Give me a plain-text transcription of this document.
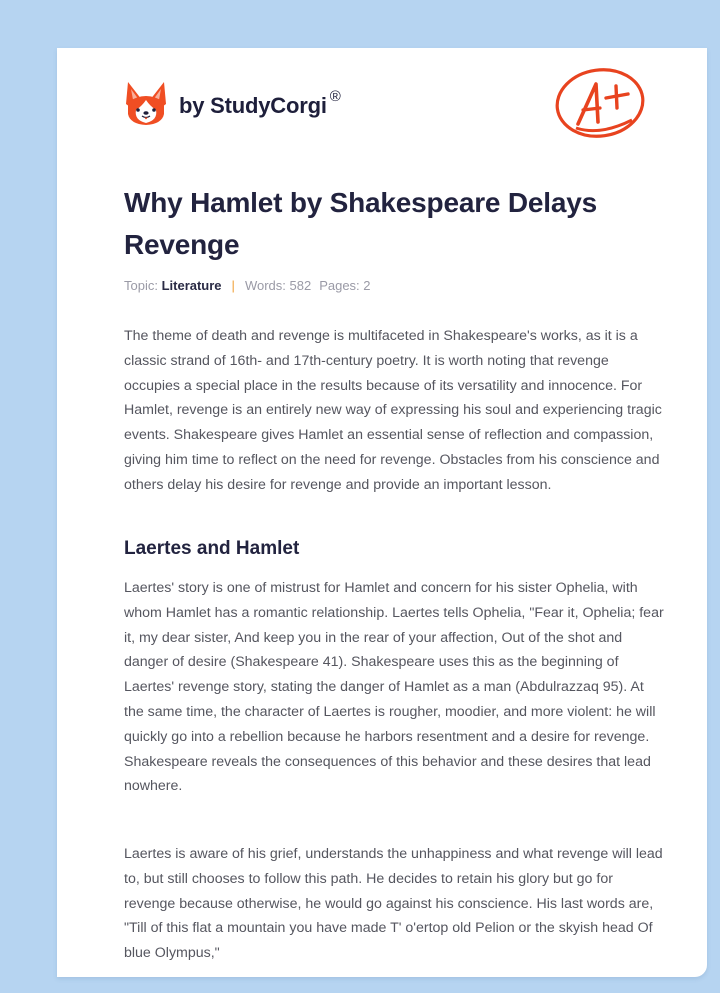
by StudyCorgi ®
Why Hamlet by Shakespeare Delays Revenge
Topic: Literature | Words: 582 Pages: 2

The theme of death and revenge is multifaceted in Shakespeare's works, as it is a classic strand of 16th- and 17th-century poetry. It is worth noting that revenge occupies a special place in the results because of its versatility and innocence. For Hamlet, revenge is an entirely new way of expressing his soul and experiencing tragic events. Shakespeare gives Hamlet an essential sense of reflection and compassion, giving him time to reflect on the need for revenge. Obstacles from his conscience and others delay his desire for revenge and provide an important lesson.

Laertes and Hamlet

Laertes' story is one of mistrust for Hamlet and concern for his sister Ophelia, with whom Hamlet has a romantic relationship. Laertes tells Ophelia, "Fear it, Ophelia; fear it, my dear sister, And keep you in the rear of your affection, Out of the shot and danger of desire (Shakespeare 41). Shakespeare uses this as the beginning of Laertes' revenge story, stating the danger of Hamlet as a man (Abdulrazzaq 95). At the same time, the character of Laertes is rougher, moodier, and more violent: he will quickly go into a rebellion because he harbors resentment and a desire for revenge. Shakespeare reveals the consequences of this behavior and these desires that lead nowhere.

Laertes is aware of his grief, understands the unhappiness and what revenge will lead to, but still chooses to follow this path. He decides to retain his glory but go for revenge because otherwise, he would go against his conscience. His last words are, "Till of this flat a mountain you have made T' o'ertop old Pelion or the skyish head Of blue Olympus,"
